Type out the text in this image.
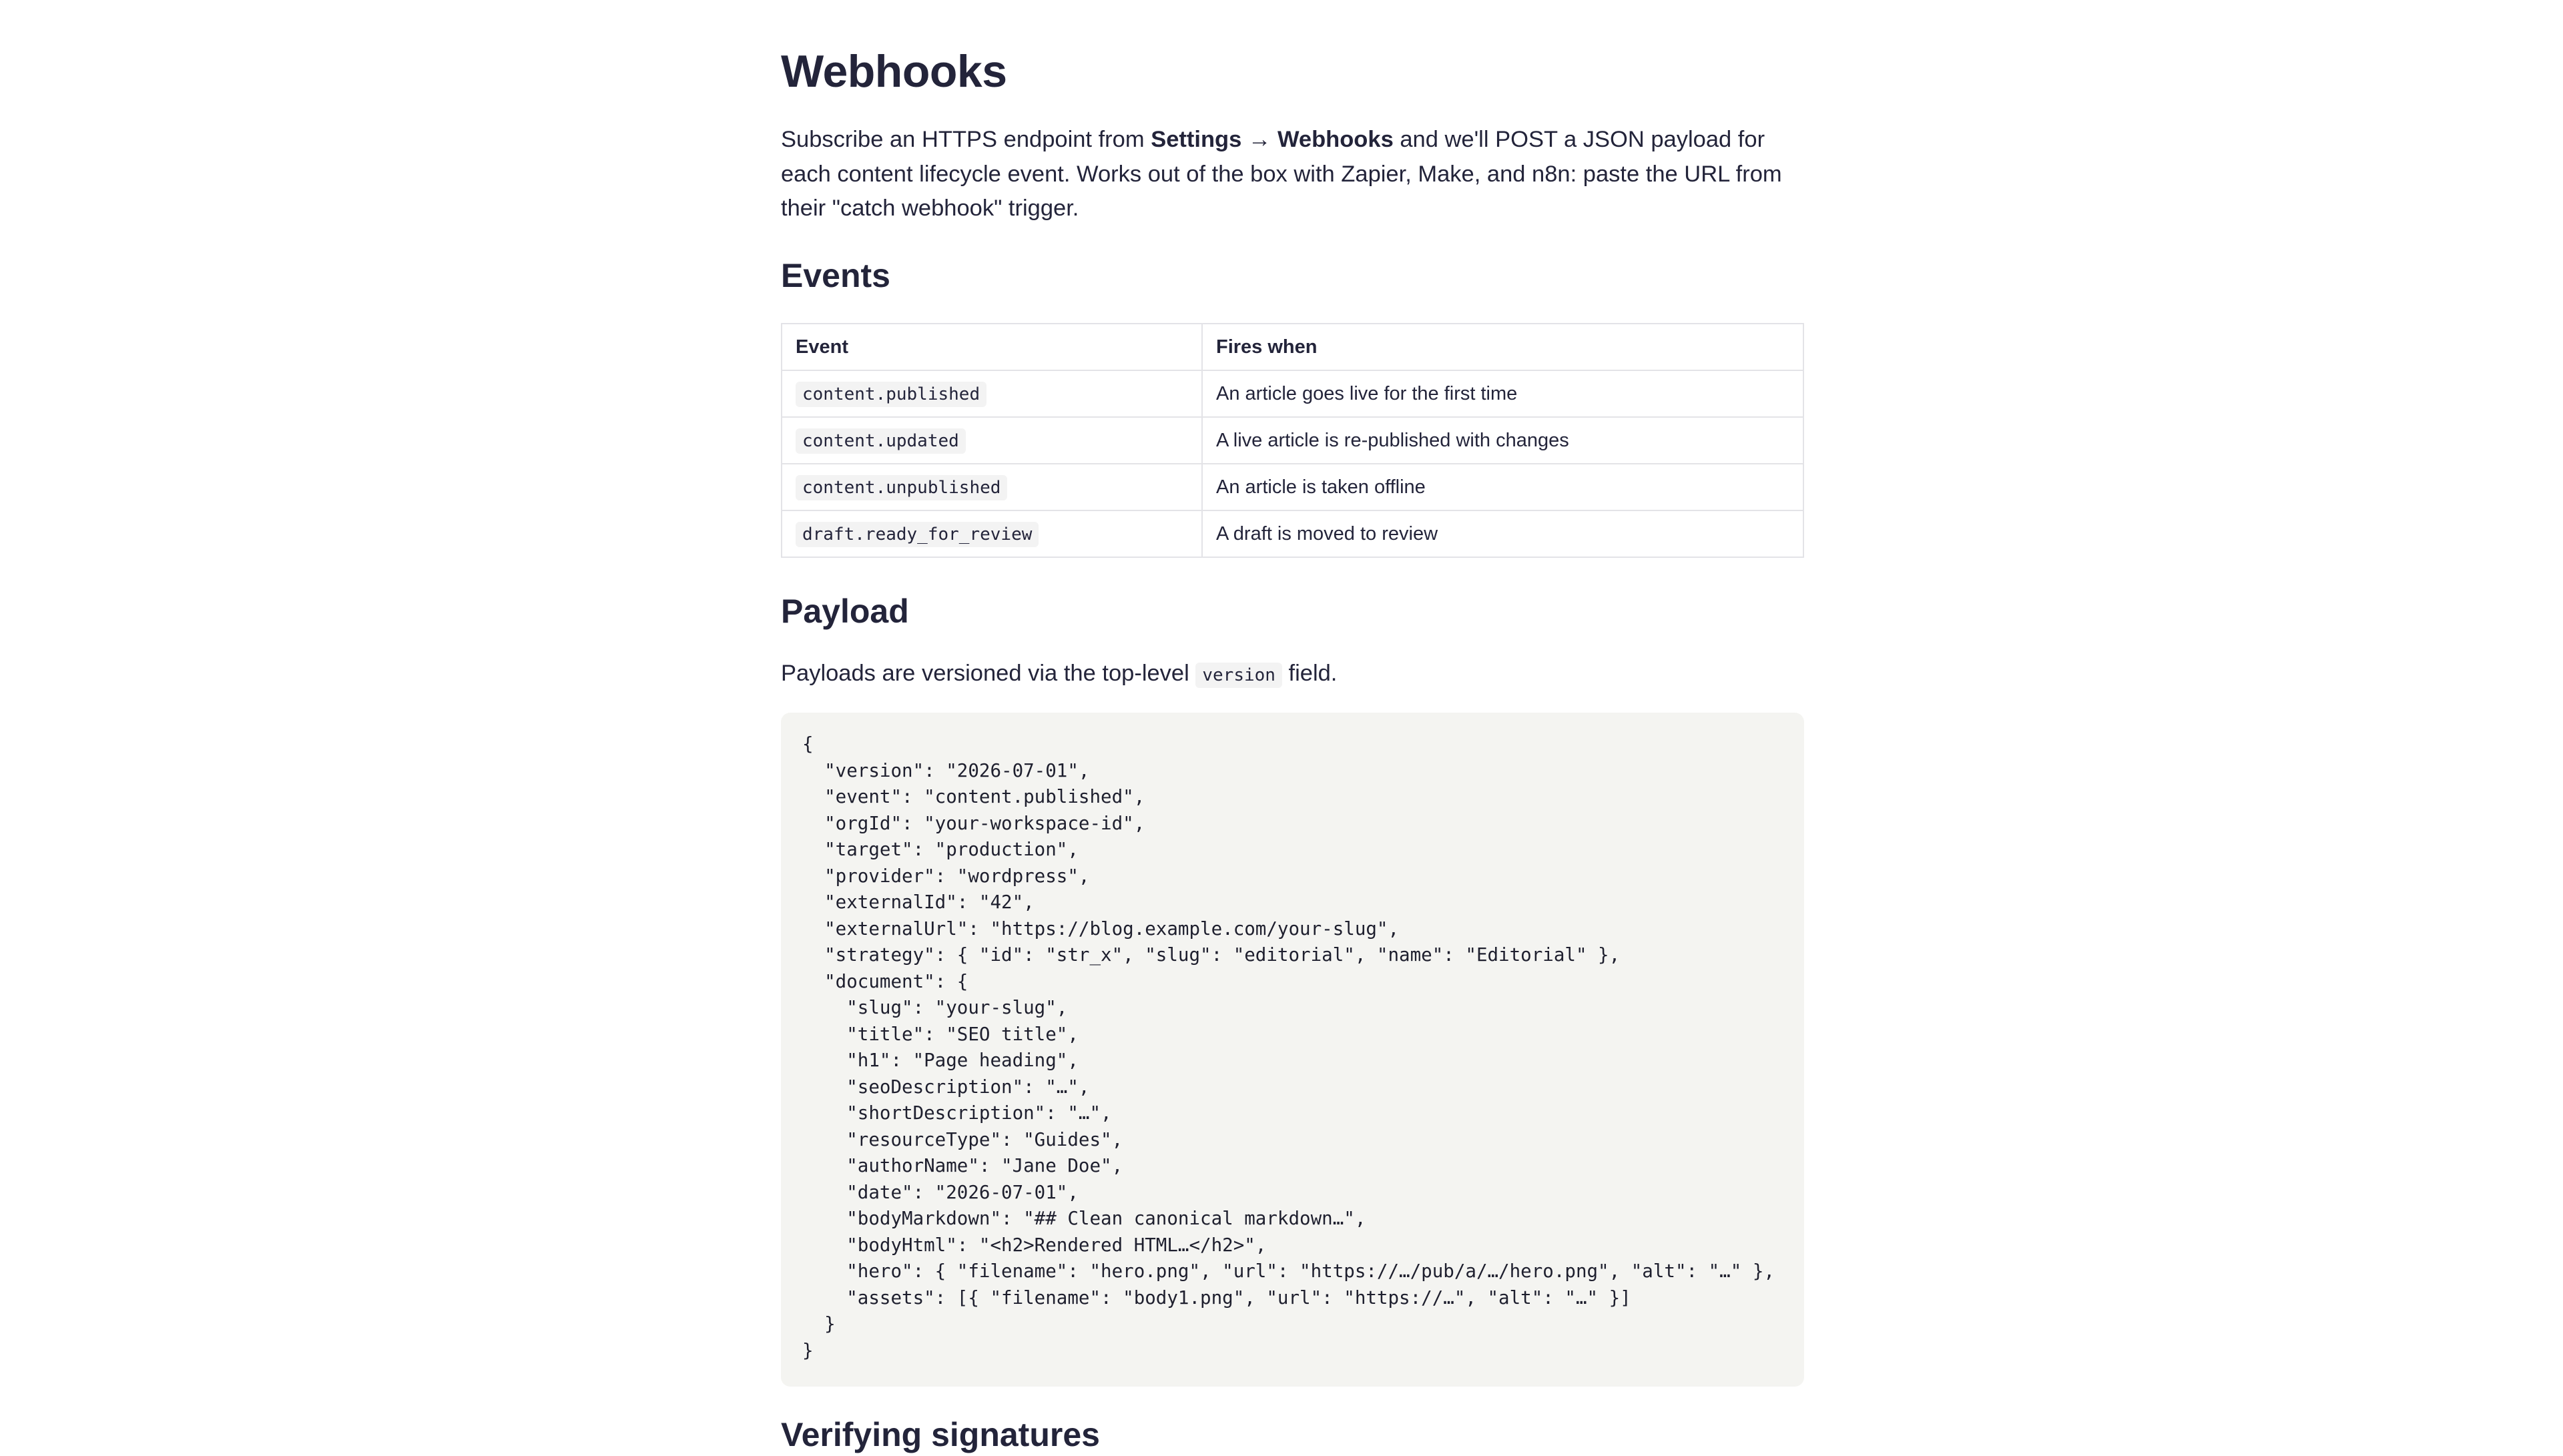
Webhooks

Subscribe an HTTPS endpoint from Settings → Webhooks and we'll POST a JSON payload for each content lifecycle event. Works out of the box with Zapier, Make, and n8n: paste the URL from their "catch webhook" trigger.

Events
Event	Fires when
content.published	An article goes live for the first time
content.updated	A live article is re-published with changes
content.unpublished	An article is taken offline
draft.ready_for_review	A draft is moved to review
Payload

Payloads are versioned via the top-level version field.

{
"version": "2026-07-01",
"event": "content.published",
"orgId": "your-workspace-id",
"target": "production",
"provider": "wordpress",
"externalId": "42",
"externalUrl": "https://blog.example.com/your-slug",
"strategy": { "id": "str_x", "slug": "editorial", "name": "Editorial" },
"document": {
"slug": "your-slug",
"title": "SEO title",
"h1": "Page heading",
"seoDescription": "…",
"shortDescription": "…",
"resourceType": "Guides",
"authorName": "Jane Doe",
"date": "2026-07-01",
"bodyMarkdown": "## Clean canonical markdown…",
"bodyHtml": "<h2>Rendered HTML…</h2>",
"hero": { "filename": "hero.png", "url": "https://…/pub/a/…/hero.png", "alt": "…" },
"assets": [{ "filename": "body1.png", "url": "https://…", "alt": "…" }]
}
}
Verifying signatures
